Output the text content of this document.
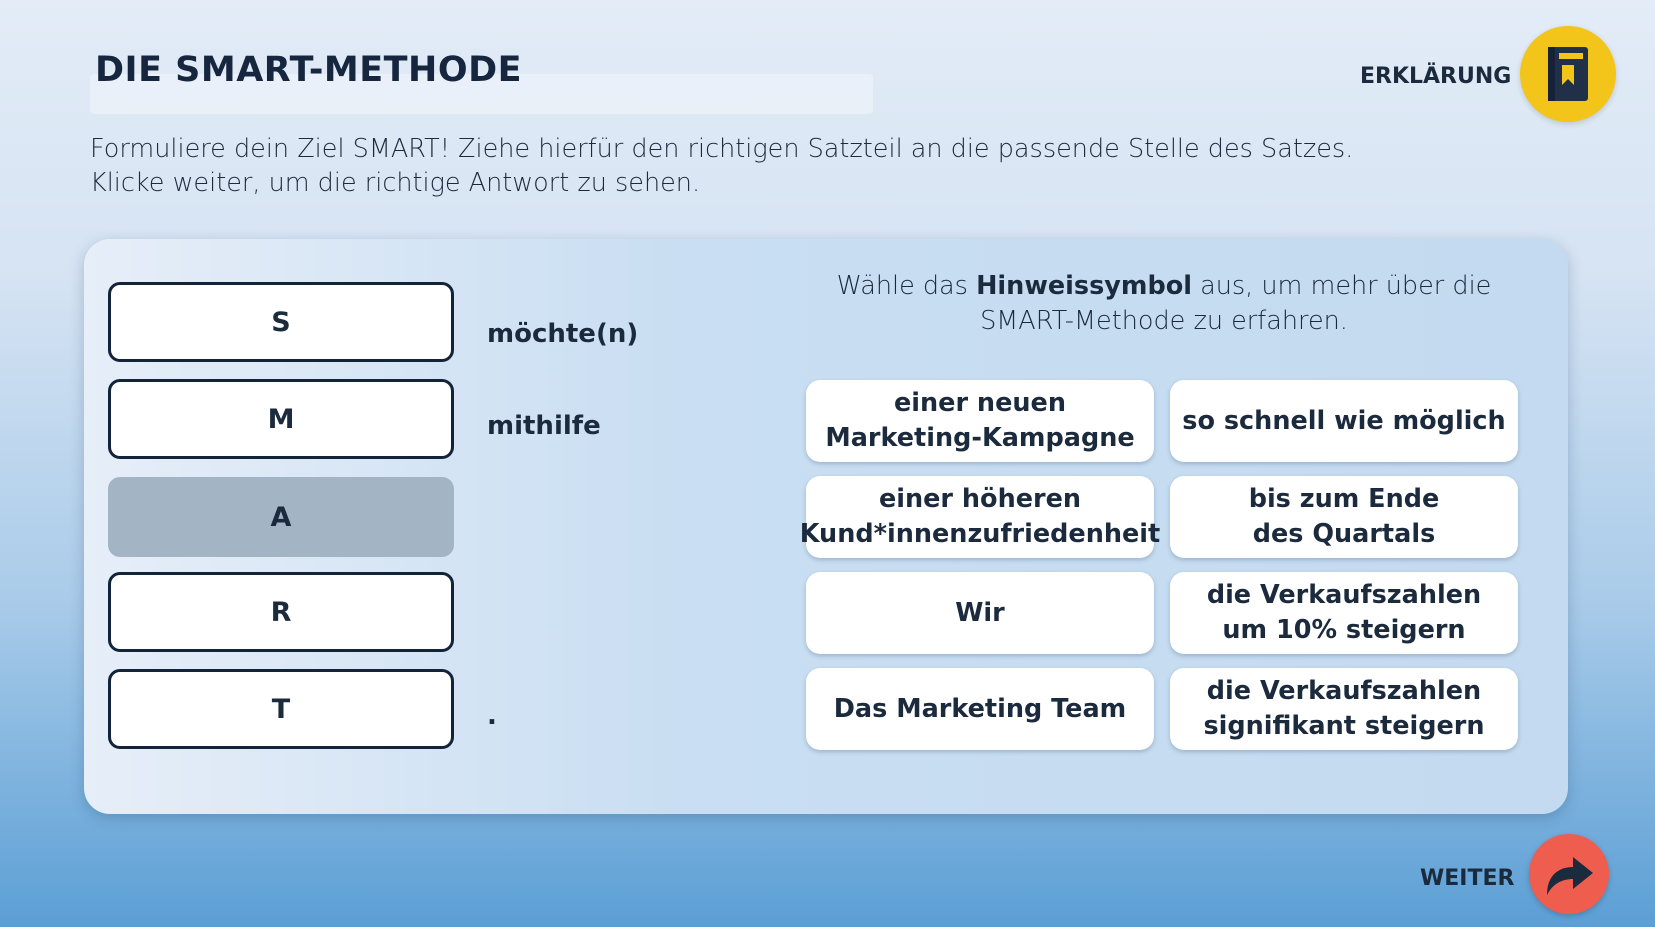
DIE SMART-METHODE
Formuliere dein Ziel SMART! Ziehe hierfür den richtigen Satzteil an die passende Stelle des Satzes.
Klicke weiter, um die richtige Antwort zu sehen.
ERKLÄRUNG
S
M
A
R
T
möchte(n)
mithilfe
.
Wähle das Hinweissymbol aus, um mehr über die SMART-Methode zu erfahren.
einer neuen
Marketing-Kampagne
so schnell wie möglich
einer höheren
Kund*innenzufriedenheit
bis zum Ende
des Quartals
Wir
die Verkaufszahlen
um 10% steigern
Das Marketing Team
die Verkaufszahlen
signifikant steigern
WEITER
